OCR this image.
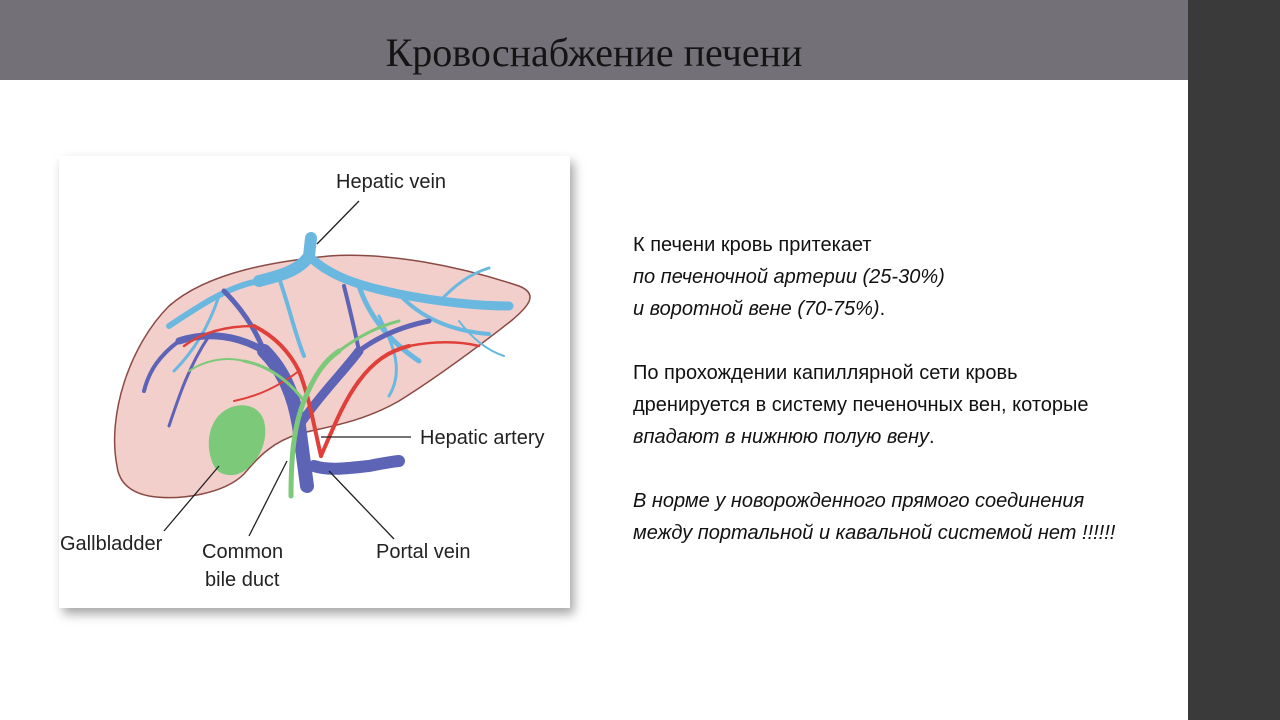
Кровоснабжение печени
Hepatic vein
Hepatic artery
Gallbladder Common
bile duct
Portal vein
К печени кровь притекает
по печеночной артерии (25-30%)
и воротной вене (70-75%).
По прохождении капиллярной сети кровь
дренируется в систему печеночных вен, которые
впадают в нижнюю полую вену.
В норме у новорожденного прямого соединения
между портальной и кавальной системой нет !!!!!!
